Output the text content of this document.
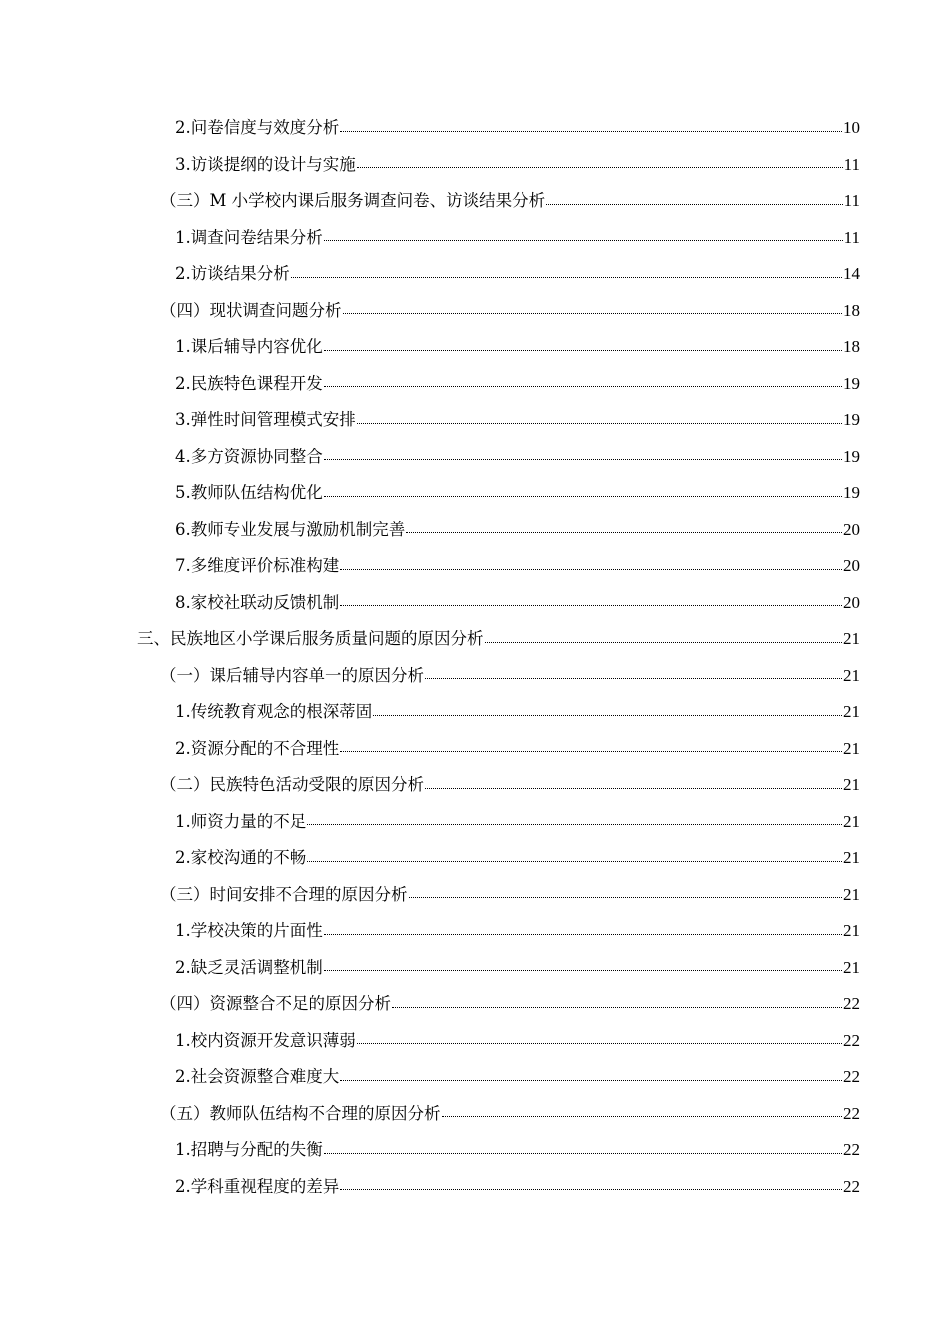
2.问卷信度与效度分析	10
3.访谈提纲的设计与实施	11
（三）M 小学校内课后服务调查问卷、访谈结果分析	11
1.调查问卷结果分析	11
2.访谈结果分析	14
（四）现状调查问题分析	18
1.课后辅导内容优化	18
2.民族特色课程开发	19
3.弹性时间管理模式安排	19
4.多方资源协同整合	19
5.教师队伍结构优化	19
6.教师专业发展与激励机制完善	20
7.多维度评价标准构建	20
8.家校社联动反馈机制	20
三、民族地区小学课后服务质量问题的原因分析	21
（一）课后辅导内容单一的原因分析	21
1.传统教育观念的根深蒂固	21
2.资源分配的不合理性	21
（二）民族特色活动受限的原因分析	21
1.师资力量的不足	21
2.家校沟通的不畅	21
（三）时间安排不合理的原因分析	21
1.学校决策的片面性	21
2.缺乏灵活调整机制	21
（四）资源整合不足的原因分析	22
1.校内资源开发意识薄弱	22
2.社会资源整合难度大	22
（五）教师队伍结构不合理的原因分析	22
1.招聘与分配的失衡	22
2.学科重视程度的差异	22
